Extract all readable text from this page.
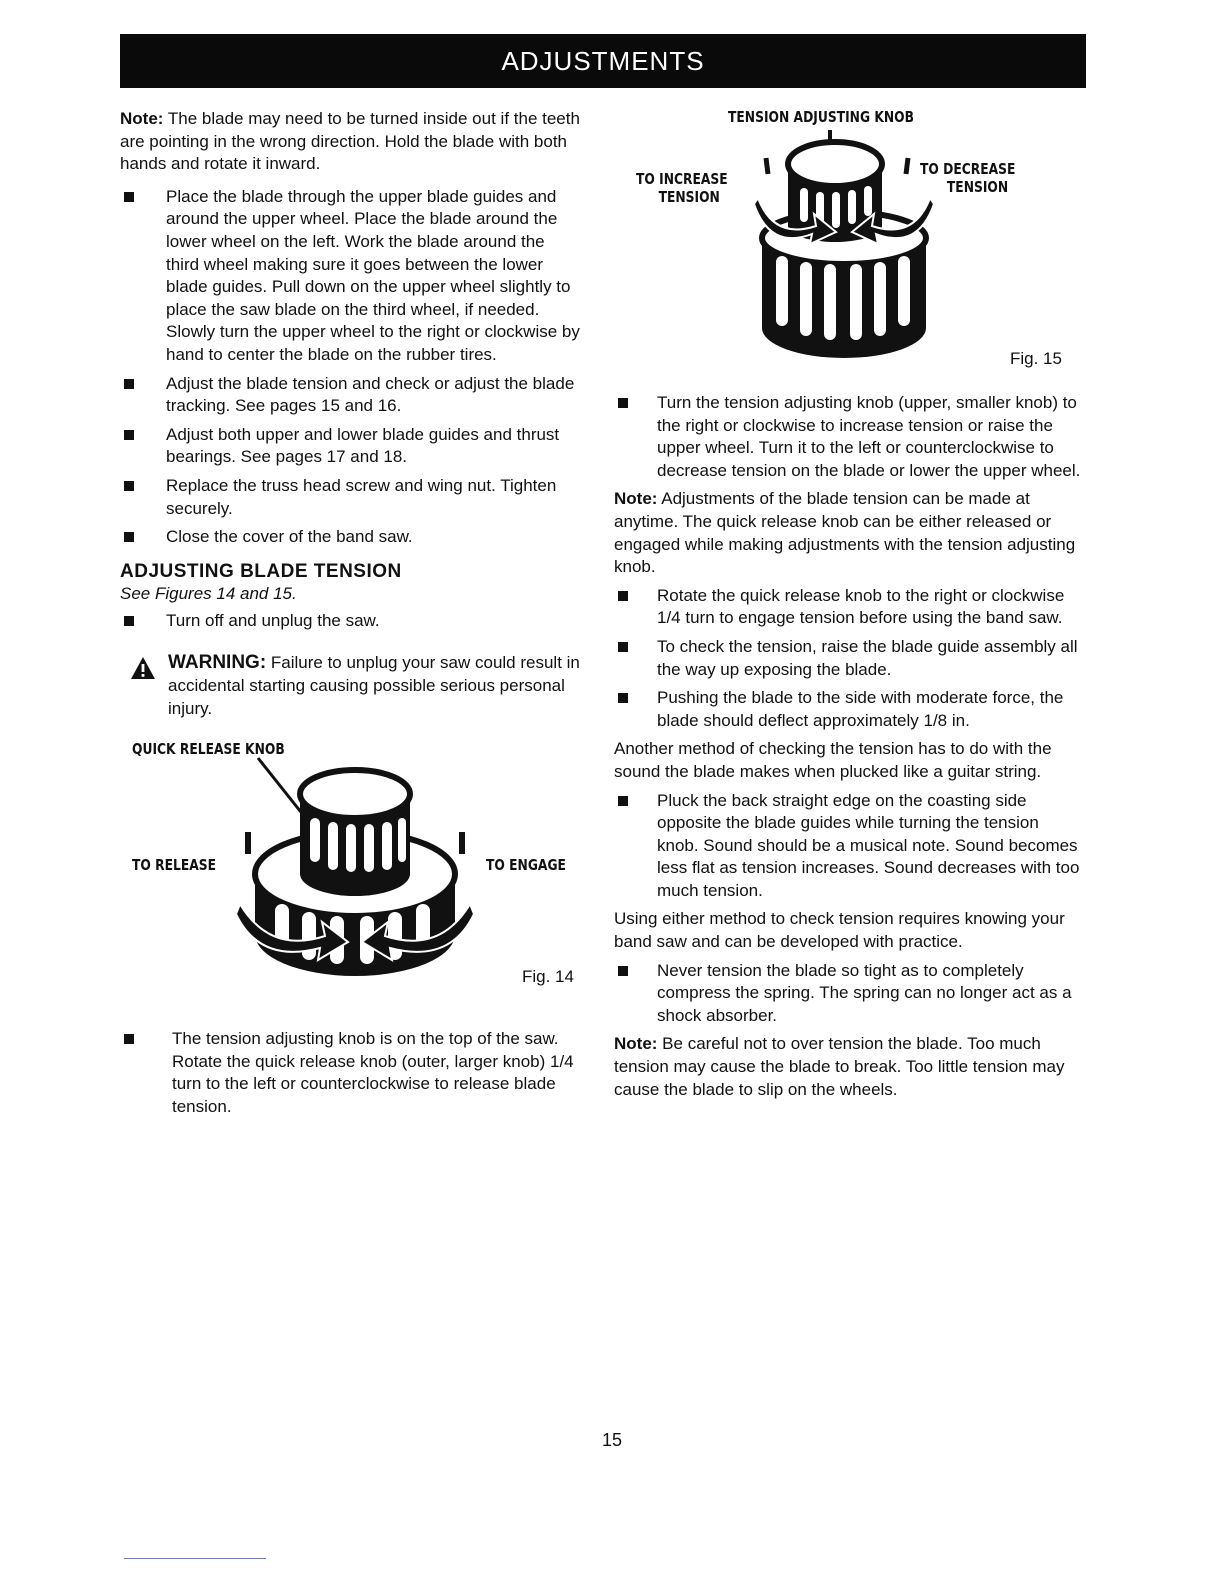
ADJUSTMENTS

Note: The blade may need to be turned inside out if the teeth are pointing in the wrong direction. Hold the blade with both hands and rotate it inward.

Place the blade through the upper blade guides and around the upper wheel. Place the blade around the lower wheel on the left. Work the blade around the third wheel making sure it goes between the lower blade guides. Pull down on the upper wheel slightly to place the saw blade on the third wheel, if needed. Slowly turn the upper wheel to the right or clockwise by hand to center the blade on the rubber tires.
Adjust the blade tension and check or adjust the blade tracking. See pages 15 and 16.
Adjust both upper and lower blade guides and thrust bearings. See pages 17 and 18.
Replace the truss head screw and wing nut. Tighten securely.
Close the cover of the band saw.
ADJUSTING BLADE TENSION
See Figures 14 and 15.
Turn off and unplug the saw.
WARNING: Failure to unplug your saw could result in accidental starting causing possible serious personal injury.
QUICK RELEASE KNOB
TO RELEASE	TO ENGAGE
Fig. 14
The tension adjusting knob is on the top of the saw. Rotate the quick release knob (outer, larger knob) 1/4 turn to the left or counterclockwise to release blade tension.
TENSION ADJUSTING KNOB
TO INCREASE
TENSION
TO DECREASE
TENSION
Fig. 15
Turn the tension adjusting knob (upper, smaller knob) to the right or clockwise to increase tension or raise the upper wheel. Turn it to the left or counterclockwise to decrease tension on the blade or lower the upper wheel.

Note: Adjustments of the blade tension can be made at anytime. The quick release knob can be either released or engaged while making adjustments with the tension adjusting knob.

Rotate the quick release knob to the right or clockwise 1/4 turn to engage tension before using the band saw.
To check the tension, raise the blade guide assembly all the way up exposing the blade.
Pushing the blade to the side with moderate force, the blade should deflect approximately 1/8 in.

Another method of checking the tension has to do with the sound the blade makes when plucked like a guitar string.

Pluck the back straight edge on the coasting side opposite the blade guides while turning the tension knob. Sound should be a musical note. Sound becomes less flat as tension increases. Sound decreases with too much tension.

Using either method to check tension requires knowing your band saw and can be developed with practice.

Never tension the blade so tight as to completely compress the spring. The spring can no longer act as a shock absorber.

Note: Be careful not to over tension the blade. Too much tension may cause the blade to break. Too little tension may cause the blade to slip on the wheels.

15
